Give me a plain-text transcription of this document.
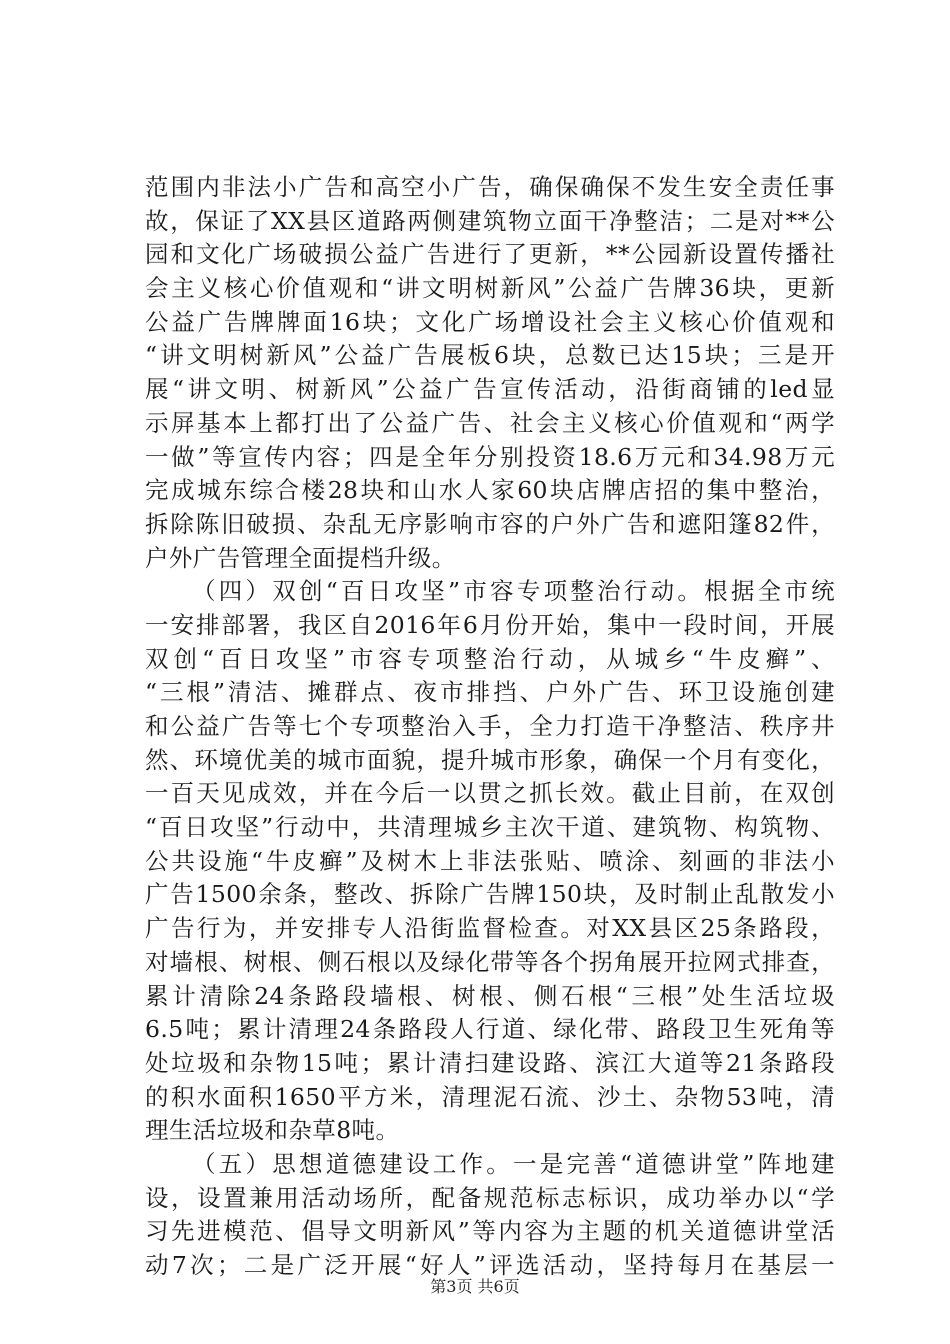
范围内非法小广告和高空小广告，确保确保不发生安全责任事
故，保证了XX县区道路两侧建筑物立面干净整洁；二是对**公
园和文化广场破损公益广告进行了更新，**公园新设置传播社
会主义核心价值观和“讲文明树新风”公益广告牌36块，更新
公益广告牌牌面16块；文化广场增设社会主义核心价值观和
“讲文明树新风”公益广告展板6块，总数已达15块；三是开
展“讲文明、树新风”公益广告宣传活动，沿街商铺的led显
示屏基本上都打出了公益广告、社会主义核心价值观和“两学
一做”等宣传内容；四是全年分别投资18.6万元和34.98万元
完成城东综合楼28块和山水人家60块店牌店招的集中整治，
拆除陈旧破损、杂乱无序影响市容的户外广告和遮阳篷82件，
户外广告管理全面提档升级。
（四）双创“百日攻坚”市容专项整治行动。根据全市统
一安排部署，我区自2016年6月份开始，集中一段时间，开展
双创“百日攻坚”市容专项整治行动，从城乡“牛皮癣”、
“三根”清洁、摊群点、夜市排挡、户外广告、环卫设施创建
和公益广告等七个专项整治入手，全力打造干净整洁、秩序井
然、环境优美的城市面貌，提升城市形象，确保一个月有变化，
一百天见成效，并在今后一以贯之抓长效。截止目前，在双创
“百日攻坚”行动中，共清理城乡主次干道、建筑物、构筑物、
公共设施“牛皮癣”及树木上非法张贴、喷涂、刻画的非法小
广告1500余条，整改、拆除广告牌150块，及时制止乱散发小
广告行为，并安排专人沿街监督检查。对XX县区25条路段，
对墙根、树根、侧石根以及绿化带等各个拐角展开拉网式排查，
累计清除24条路段墙根、树根、侧石根“三根”处生活垃圾
6.5吨；累计清理24条路段人行道、绿化带、路段卫生死角等
处垃圾和杂物15吨；累计清扫建设路、滨江大道等21条路段
的积水面积1650平方米，清理泥石流、沙土、杂物53吨，清
理生活垃圾和杂草8吨。
（五）思想道德建设工作。一是完善“道德讲堂”阵地建
设，设置兼用活动场所，配备规范标志标识，成功举办以“学
习先进模范、倡导文明新风”等内容为主题的机关道德讲堂活
动7次；二是广泛开展“好人”评选活动，坚持每月在基层一
第3页 共6页
